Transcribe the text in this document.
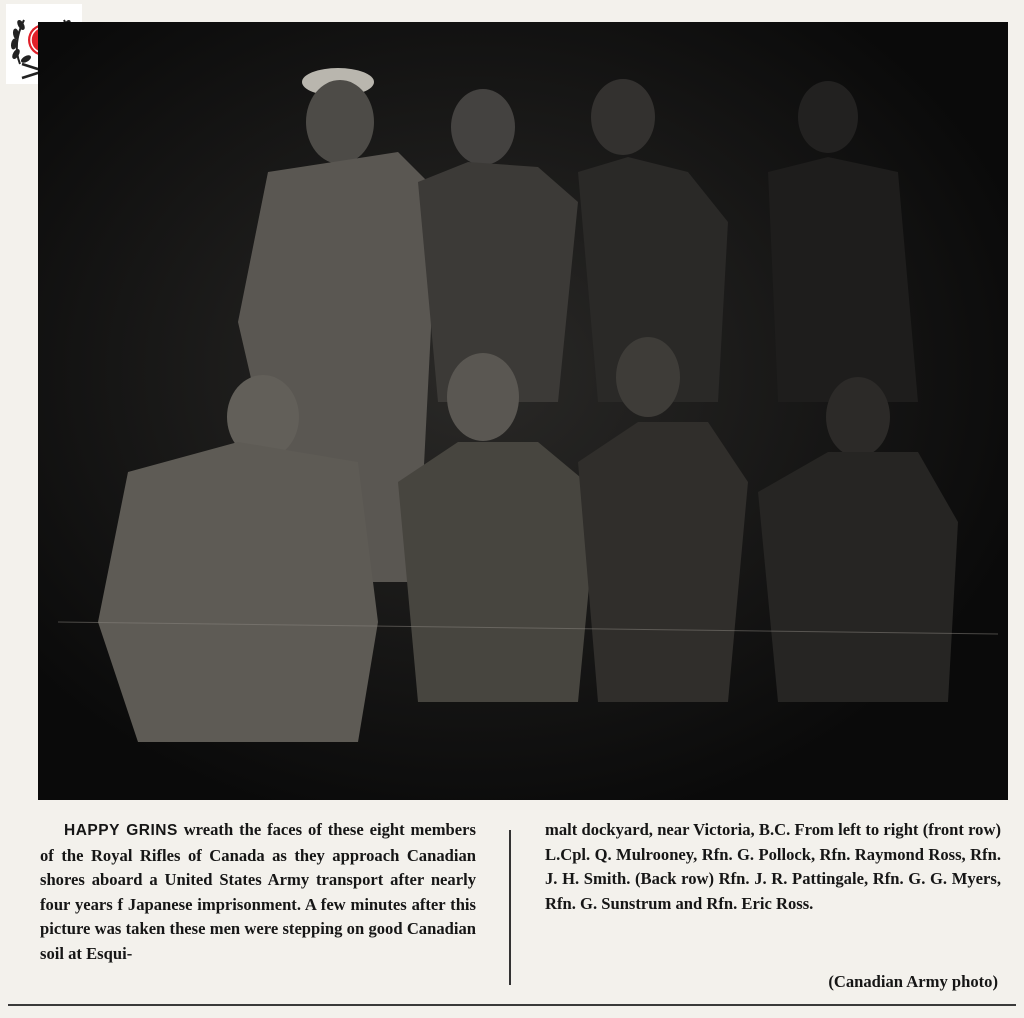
HAPPY GRINS wreath the faces of these eight members of the Royal Rifles of Canada as they approach Canadian shores aboard a United States Army transport after nearly four years f Japanese imprisonment. A few minutes after this picture was taken these men were stepping on good Canadian soil at Esqui-

malt dockyard, near Victoria, B.C. From left to right (front row) L.Cpl. Q. Mulrooney, Rfn. G. Pollock, Rfn. Raymond Ross, Rfn. J. H. Smith. (Back row) Rfn. J. R. Pattingale, Rfn. G. G. Myers, Rfn. G. Sunstrum and Rfn. Eric Ross.

(Canadian Army photo)
